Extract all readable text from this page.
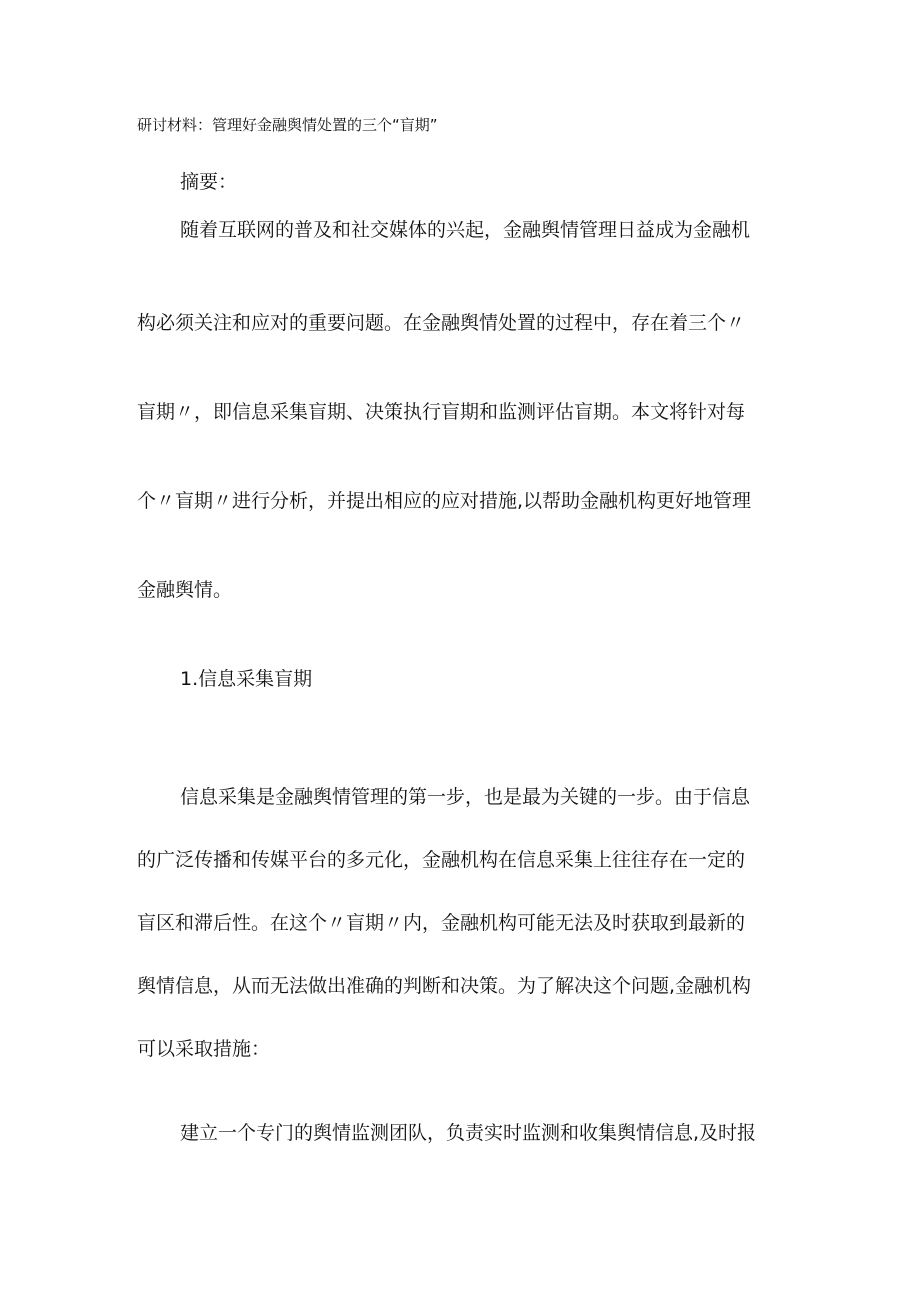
研讨材料：管理好金融舆情处置的三个“盲期”
摘要：
随着互联网的普及和社交媒体的兴起，金融舆情管理日益成为金融机
构必须关注和应对的重要问题。在金融舆情处置的过程中，存在着三个〃
盲期〃，即信息采集盲期、决策执行盲期和监测评估盲期。本文将针对每
个〃盲期〃进行分析，并提出相应的应对措施,以帮助金融机构更好地管理
金融舆情。
1.信息采集盲期
信息采集是金融舆情管理的第一步，也是最为关键的一步。由于信息
的广泛传播和传媒平台的多元化，金融机构在信息采集上往往存在一定的
盲区和滞后性。在这个〃盲期〃内，金融机构可能无法及时获取到最新的
舆情信息，从而无法做出准确的判断和决策。为了解决这个问题,金融机构
可以采取措施：
建立一个专门的舆情监测团队，负责实时监测和收集舆情信息,及时报
